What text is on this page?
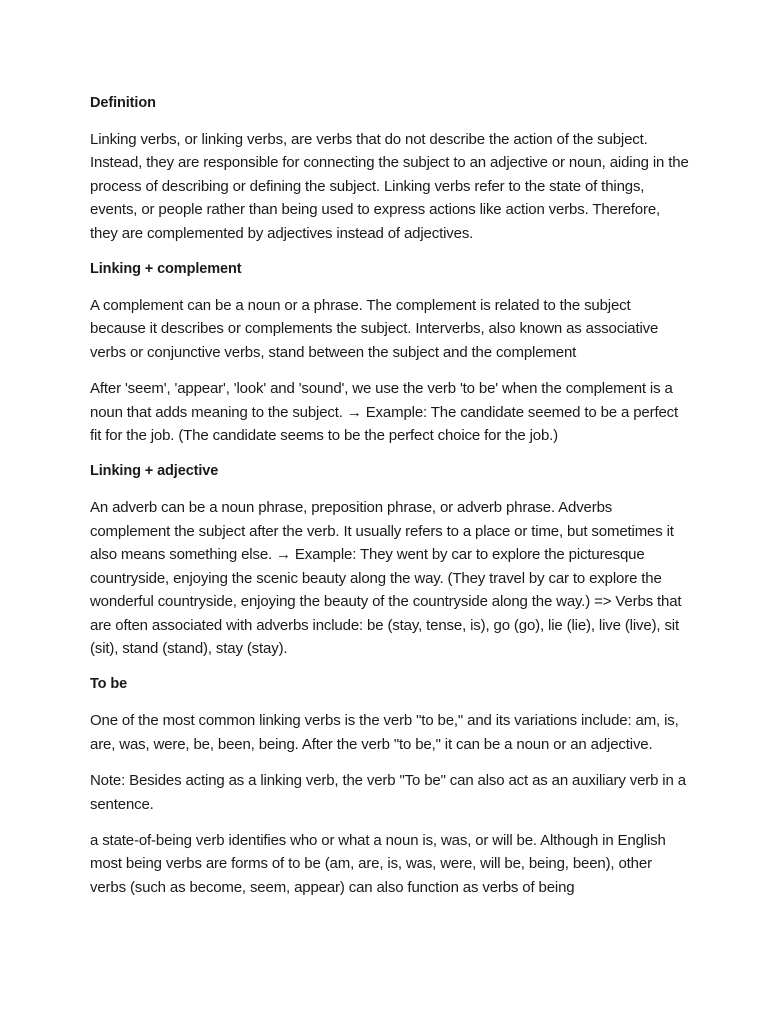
Definition

Linking verbs, or linking verbs, are verbs that do not describe the action of the subject. Instead, they are responsible for connecting the subject to an adjective or noun, aiding in the process of describing or defining the subject. Linking verbs refer to the state of things, events, or people rather than being used to express actions like action verbs. Therefore, they are complemented by adjectives instead of adjectives.

Linking + complement

A complement can be a noun or a phrase. The complement is related to the subject because it describes or complements the subject. Interverbs, also known as associative verbs or conjunctive verbs, stand between the subject and the complement

After 'seem', 'appear', 'look' and 'sound', we use the verb 'to be' when the complement is a noun that adds meaning to the subject. → Example: The candidate seemed to be a perfect fit for the job. (The candidate seems to be the perfect choice for the job.)

Linking + adjective

An adverb can be a noun phrase, preposition phrase, or adverb phrase. Adverbs complement the subject after the verb. It usually refers to a place or time, but sometimes it also means something else. → Example: They went by car to explore the picturesque countryside, enjoying the scenic beauty along the way. (They travel by car to explore the wonderful countryside, enjoying the beauty of the countryside along the way.) => Verbs that are often associated with adverbs include: be (stay, tense, is), go (go), lie (lie), live (live), sit (sit), stand (stand), stay (stay).

To be

One of the most common linking verbs is the verb "to be," and its variations include: am, is, are, was, were, be, been, being. After the verb "to be," it can be a noun or an adjective.

Note: Besides acting as a linking verb, the verb "To be" can also act as an auxiliary verb in a sentence.

a state-of-being verb identifies who or what a noun is, was, or will be. Although in English most being verbs are forms of to be (am, are, is, was, were, will be, being, been), other verbs (such as become, seem, appear) can also function as verbs of being
